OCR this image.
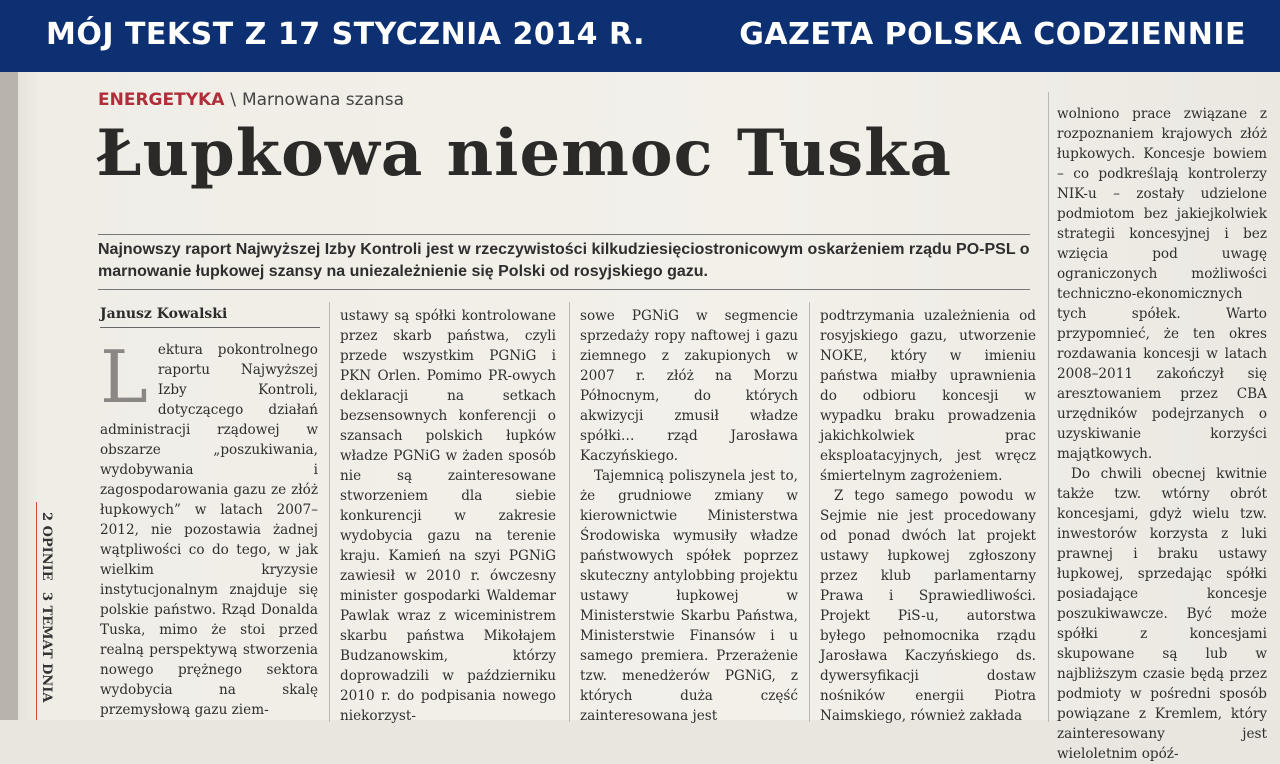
MÓJ TEKST Z 17 STYCZNIA 2014 R.	GAZETA POLSKA CODZIENNIE
2 OPINIE
3 TEMAT DNIA
ENERGETYKA \ Marnowana szansa
Łupkowa niemoc Tuska
Najnowszy raport Najwyższej Izby Kontroli jest w rzeczywistości kilkudziesięciostronicowym oskarżeniem rządu PO-PSL o marnowanie łupkowej szansy na uniezależnienie się Polski od rosyjskiego gazu.
Janusz Kowalski
L ektura pokontrolnego raportu Najwyższej Izby Kontroli, dotyczącego działań administracji rządowej w obszarze „poszukiwania, wydobywania i zagospodarowania gazu ze złóż łupkowych” w latach 2007–2012, nie pozostawia żadnej wątpliwości co do tego, w jak wielkim kryzysie instytucjonalnym znajduje się polskie państwo. Rząd Donalda Tuska, mimo że stoi przed realną perspektywą stworzenia nowego prężnego sektora wydobycia na skalę przemysłową gazu ziem-

ustawy są spółki kontrolowane przez skarb państwa, czyli przede wszystkim PGNiG i PKN Orlen. Pomimo PR-owych deklaracji na setkach bezsensownych konferencji o szansach polskich łupków władze PGNiG w żaden sposób nie są zainteresowane stworzeniem dla siebie konkurencji w zakresie wydobycia gazu na terenie kraju. Kamień na szyi PGNiG zawiesił w 2010 r. ówczesny minister gospodarki Waldemar Pawlak wraz z wiceministrem skarbu państwa Mikołajem Budzanowskim, którzy doprowadzili w październiku 2010 r. do podpisania nowego niekorzyst-

sowe PGNiG w segmencie sprzedaży ropy naftowej i gazu ziemnego z zakupionych w 2007 r. złóż na Morzu Północnym, do których akwizycji zmusił władze spółki… rząd Jarosława Kaczyńskiego.

Tajemnicą poliszynela jest to, że grudniowe zmiany w kierownictwie Ministerstwa Środowiska wymusiły władze państwowych spółek poprzez skuteczny antylobbing projektu ustawy łupkowej w Ministerstwie Skarbu Państwa, Ministerstwie Finansów i u samego premiera. Przerażenie tzw. menedżerów PGNiG, z których duża część zainteresowana jest

podtrzymania uzależnienia od rosyjskiego gazu, utworzenie NOKE, który w imieniu państwa miałby uprawnienia do odbioru koncesji w wypadku braku prowadzenia jakichkolwiek prac eksploatacyjnych, jest wręcz śmiertelnym zagrożeniem.

Z tego samego powodu w Sejmie nie jest procedowany od ponad dwóch lat projekt ustawy łupkowej zgłoszony przez klub parlamentarny Prawa i Sprawiedliwości. Projekt PiS-u, autorstwa byłego pełnomocnika rządu Jarosława Kaczyńskiego ds. dywersyfikacji dostaw nośników energii Piotra Naimskiego, również zakłada

wolniono prace związane z rozpoznaniem krajowych złóż łupkowych. Koncesje bowiem – co podkreślają kontrolerzy NIK-u – zostały udzielone podmiotom bez jakiejkolwiek strategii koncesyjnej i bez wzięcia pod uwagę ograniczonych możliwości techniczno-ekonomicznych tych spółek. Warto przypomnieć, że ten okres rozdawania koncesji w latach 2008–2011 zakończył się aresztowaniem przez CBA urzędników podejrzanych o uzyskiwanie korzyści majątkowych.

Do chwili obecnej kwitnie także tzw. wtórny obrót koncesjami, gdyż wielu tzw. inwestorów korzysta z luki prawnej i braku ustawy łupkowej, sprzedając spółki posiadające koncesje poszukiwawcze. Być może spółki z koncesjami skupowane są lub w najbliższym czasie będą przez podmioty w pośredni sposób powiązane z Kremlem, który zainteresowany jest wieloletnim opóź-
